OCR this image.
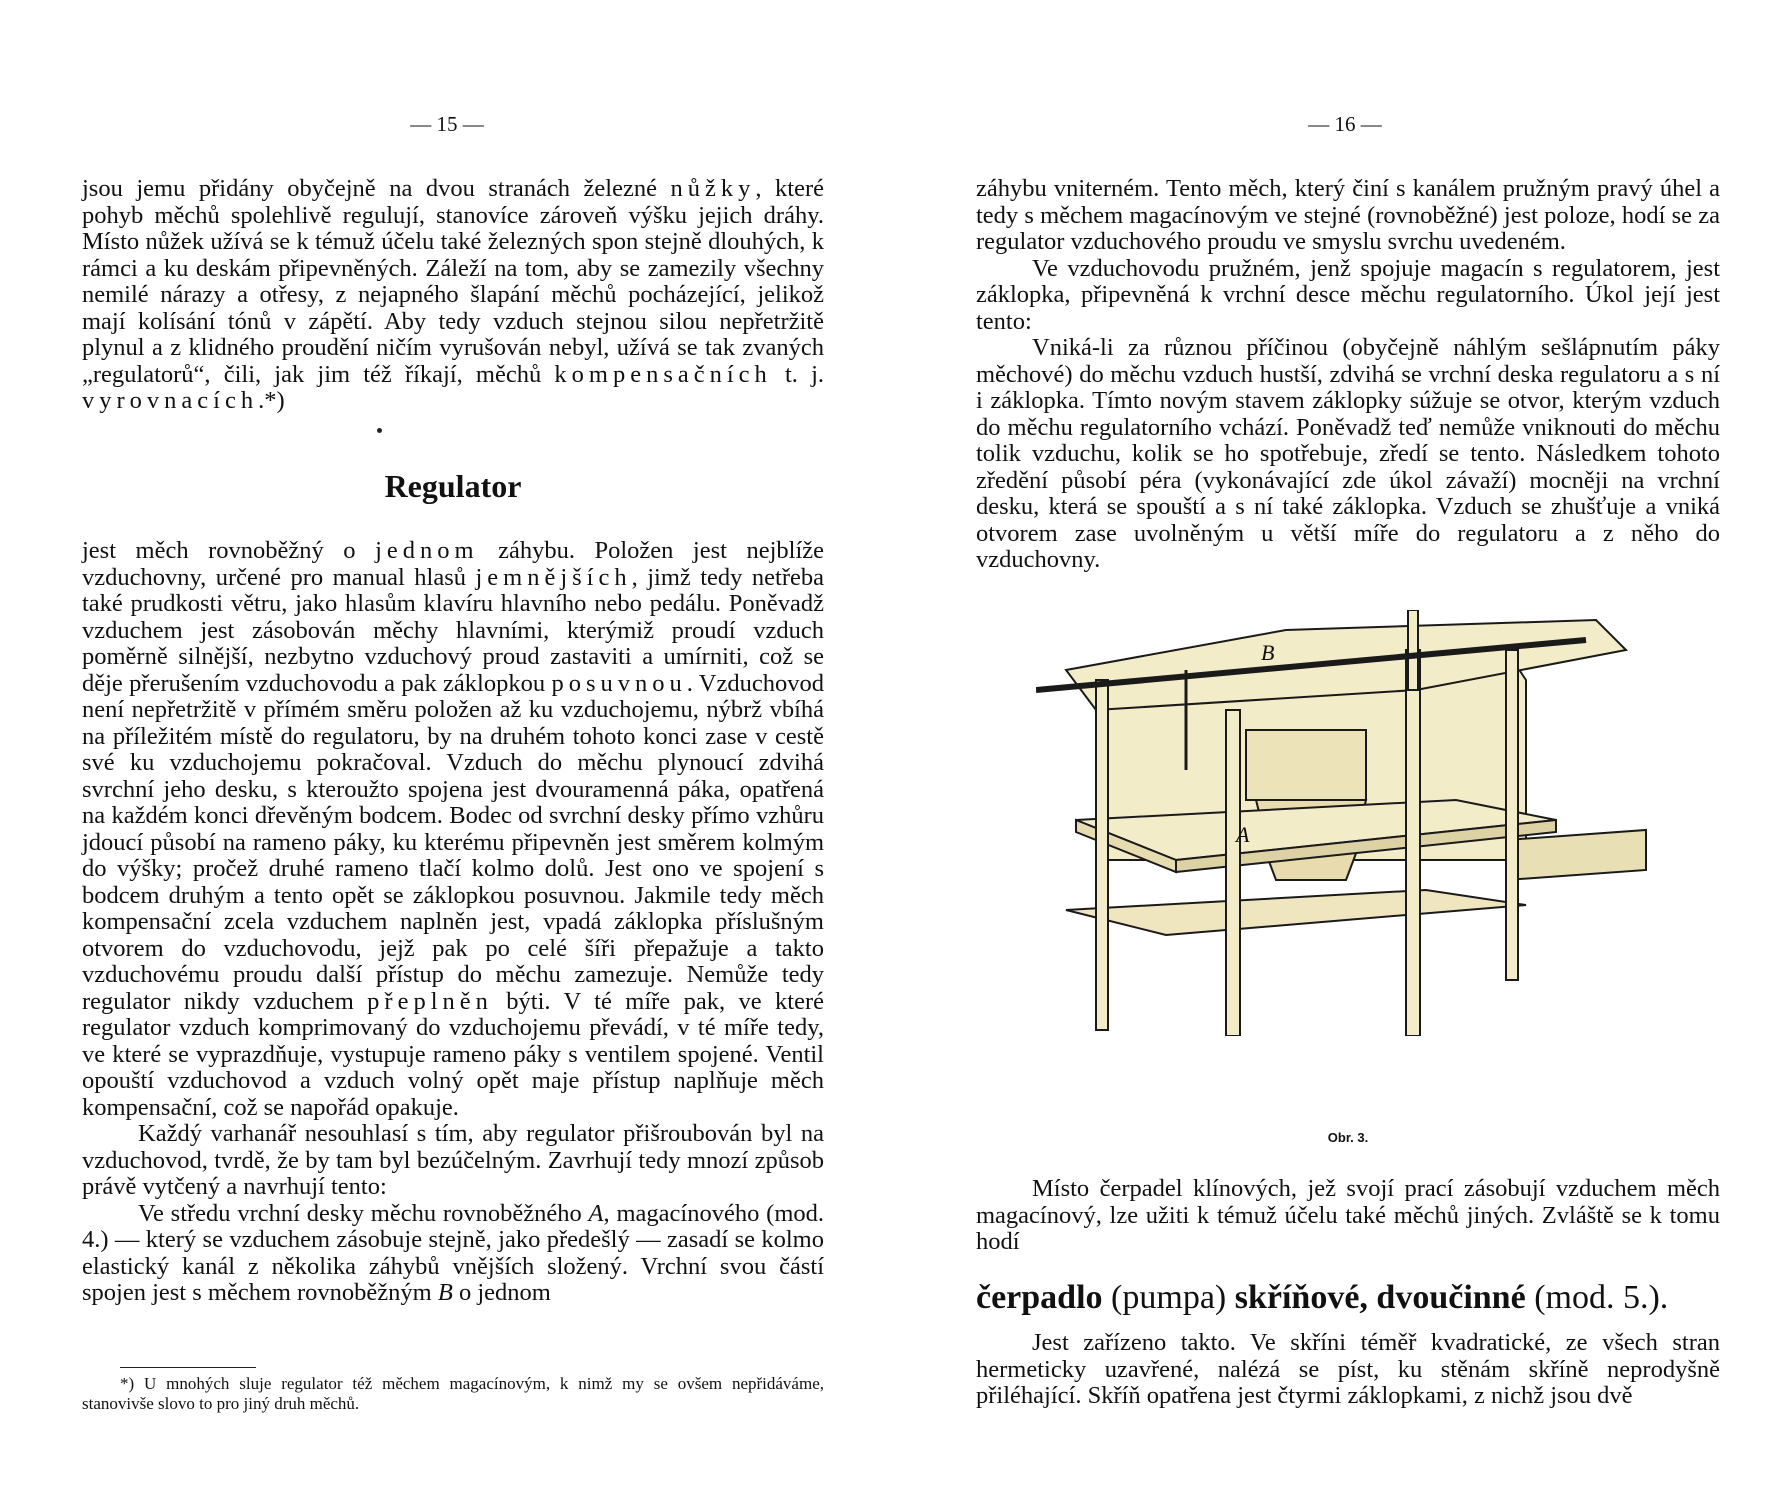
— 15 —

jsou jemu přidány obyčejně na dvou stranách železné nůžky, které pohyb měchů spolehlivě regulují, stanovíce zároveň výšku jejich dráhy. Místo nůžek užívá se k témuž účelu také železných spon stejně dlouhých, k rámci a ku deskám připevněných. Záleží na tom, aby se zamezily všechny nemilé nárazy a otřesy, z nejapného šlapání měchů pocházející, jelikož mají kolísání tónů v zápětí. Aby tedy vzduch stejnou silou nepřetržitě plynul a z klidného proudění ničím vyrušován nebyl, užívá se tak zvaných „regulatorů“, čili, jak jim též říkají, měchů kompensačních t. j. vyrovnacích.*)

Regulator

jest měch rovnoběžný o jednom záhybu. Položen jest nejblíže vzduchovny, určené pro manual hlasů jemnějších, jimž tedy netřeba také prudkosti větru, jako hlasům klavíru hlavního nebo pedálu. Poněvadž vzduchem jest zásobován měchy hlavními, kterýmiž proudí vzduch poměrně silnější, nezbytno vzduchový proud zastaviti a umírniti, což se děje přerušením vzduchovodu a pak záklopkou posuvnou. Vzduchovod není nepřetržitě v přímém směru položen až ku vzduchojemu, nýbrž vbíhá na příležitém místě do regulatoru, by na druhém tohoto konci zase v cestě své ku vzduchojemu pokračoval. Vzduch do měchu plynoucí zdvihá svrchní jeho desku, s kteroužto spojena jest dvouramenná páka, opatřená na každém konci dřevěným bodcem. Bodec od svrchní desky přímo vzhůru jdoucí působí na rameno páky, ku kterému připevněn jest směrem kolmým do výšky; pročež druhé rameno tlačí kolmo dolů. Jest ono ve spojení s bodcem druhým a tento opět se záklopkou posuvnou. Jakmile tedy měch kompensační zcela vzduchem naplněn jest, vpadá záklopka příslušným otvorem do vzduchovodu, jejž pak po celé šíři přepažuje a takto vzduchovému proudu další přístup do měchu zamezuje. Nemůže tedy regulator nikdy vzduchem přeplněn býti. V té míře pak, ve které regulator vzduch komprimovaný do vzduchojemu převádí, v té míře tedy, ve které se vyprazdňuje, vystupuje rameno páky s ventilem spojené. Ventil opouští vzduchovod a vzduch volný opět maje přístup naplňuje měch kompensační, což se napořád opakuje.

Každý varhanář nesouhlasí s tím, aby regulator přišroubován byl na vzduchovod, tvrdě, že by tam byl bezúčelným. Zavrhují tedy mnozí způsob právě vytčený a navrhují tento:

Ve středu vrchní desky měchu rovnoběžného A, magacínového (mod. 4.) — který se vzduchem zásobuje stejně, jako předešlý — zasadí se kolmo elastický kanál z několika záhybů vnějších složený. Vrchní svou částí spojen jest s měchem rovnoběžným B o jednom

*) U mnohých sluje regulator též měchem magacínovým, k nimž my se ovšem nepřidáváme, stanovivše slovo to pro jiný druh měchů.

— 16 —

záhybu vniterném. Tento měch, který činí s kanálem pružným pravý úhel a tedy s měchem magacínovým ve stejné (rovnoběžné) jest poloze, hodí se za regulator vzduchového proudu ve smyslu svrchu uvedeném.

Ve vzduchovodu pružném, jenž spojuje magacín s regulatorem, jest záklopka, připevněná k vrchní desce měchu regulatorního. Úkol její jest tento:

Vniká-li za různou příčinou (obyčejně náhlým sešlápnutím páky měchové) do měchu vzduch hustší, zdvihá se vrchní deska regulatoru a s ní i záklopka. Tímto novým stavem záklopky súžuje se otvor, kterým vzduch do měchu regulatorního vchází. Poněvadž teď nemůže vniknouti do měchu tolik vzduchu, kolik se ho spotřebuje, zředí se tento. Následkem tohoto zředění působí péra (vykonávající zde úkol závaží) mocněji na vrchní desku, která se spouští a s ní také záklopka. Vzduch se zhušťuje a vniká otvorem zase uvolněným u větší míře do regulatoru a z něho do vzduchovny.

B
A
Obr. 3.

Místo čerpadel klínových, jež svojí prací zásobují vzduchem měch magacínový, lze užiti k témuž účelu také měchů jiných. Zvláště se k tomu hodí

čerpadlo (pumpa) skříňové, dvoučinné (mod. 5.).

Jest zařízeno takto. Ve skříni téměř kvadratické, ze všech stran hermeticky uzavřené, nalézá se píst, ku stěnám skříně neprodyšně přiléhající. Skříň opatřena jest čtyrmi záklopkami, z nichž jsou dvě
